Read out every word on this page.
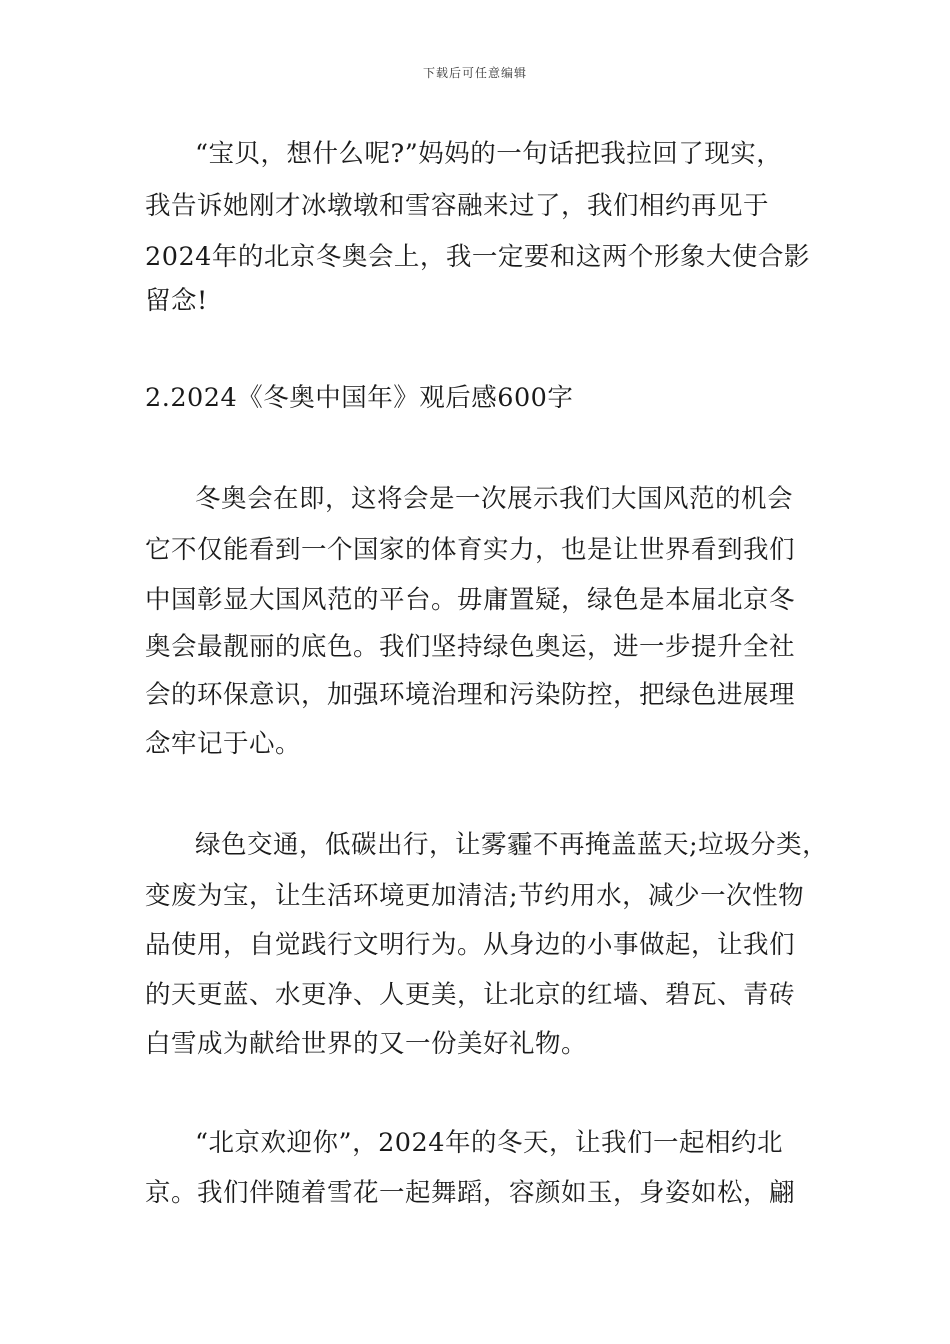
下载后可任意编辑
“宝贝，想什么呢?”妈妈的一句话把我拉回了现实，
我告诉她刚才冰墩墩和雪容融来过了，我们相约再见于
2024年的北京冬奥会上，我一定要和这两个形象大使合影
留念!
2.2024《冬奥中国年》观后感600字
冬奥会在即，这将会是一次展示我们大国风范的机会
它不仅能看到一个国家的体育实力，也是让世界看到我们
中国彰显大国风范的平台。毋庸置疑，绿色是本届北京冬
奥会最靓丽的底色。我们坚持绿色奥运，进一步提升全社
会的环保意识，加强环境治理和污染防控，把绿色进展理
念牢记于心。
绿色交通，低碳出行，让雾霾不再掩盖蓝天;垃圾分类，
变废为宝，让生活环境更加清洁;节约用水，减少一次性物
品使用，自觉践行文明行为。从身边的小事做起，让我们
的天更蓝、水更净、人更美，让北京的红墙、碧瓦、青砖
白雪成为献给世界的又一份美好礼物。
“北京欢迎你”，2024年的冬天，让我们一起相约北
京。我们伴随着雪花一起舞蹈，容颜如玉，身姿如松，翩
